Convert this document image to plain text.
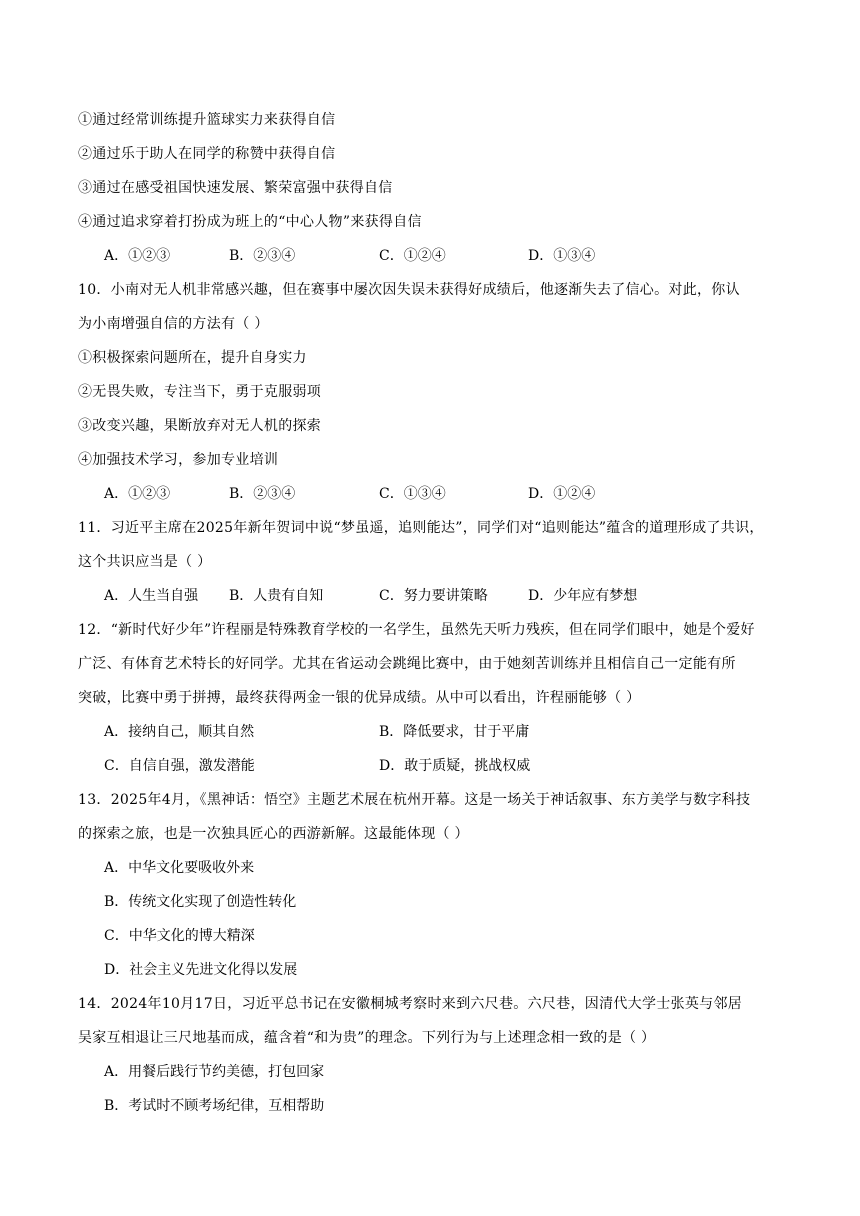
①通过经常训练提升篮球实力来获得自信
②通过乐于助人在同学的称赞中获得自信
③通过在感受祖国快速发展、繁荣富强中获得自信
④通过追求穿着打扮成为班上的“中心人物”来获得自信
A．①②③	B．②③④	C．①②④	D．①③④
10．小南对无人机非常感兴趣，但在赛事中屡次因失误未获得好成绩后，他逐渐失去了信心。对此，你认
为小南增强自信的方法有（ ）
①积极探索问题所在，提升自身实力
②无畏失败，专注当下，勇于克服弱项
③改变兴趣，果断放弃对无人机的探索
④加强技术学习，参加专业培训
A．①②③	B．②③④	C．①③④	D．①②④
11．习近平主席在2025年新年贺词中说“梦虽遥，追则能达”，同学们对“追则能达”蕴含的道理形成了共识，
这个共识应当是（ ）
A．人生当自强 B．人贵有自知	C．努力要讲策略	D．少年应有梦想
12．“新时代好少年”许程丽是特殊教育学校的一名学生，虽然先天听力残疾，但在同学们眼中，她是个爱好
广泛、有体育艺术特长的好同学。尤其在省运动会跳绳比赛中，由于她刻苦训练并且相信自己一定能有所
突破，比赛中勇于拼搏，最终获得两金一银的优异成绩。从中可以看出，许程丽能够（ ）
A．接纳自己，顺其自然	B．降低要求，甘于平庸
C．自信自强，激发潜能	D．敢于质疑，挑战权威
13．2025年4月，《黑神话：悟空》主题艺术展在杭州开幕。这是一场关于神话叙事、东方美学与数字科技
的探索之旅，也是一次独具匠心的西游新解。这最能体现（ ）
A．中华文化要吸收外来
B．传统文化实现了创造性转化
C．中华文化的博大精深
D．社会主义先进文化得以发展
14．2024年10月17日，习近平总书记在安徽桐城考察时来到六尺巷。六尺巷，因清代大学士张英与邻居
吴家互相退让三尺地基而成，蕴含着“和为贵”的理念。下列行为与上述理念相一致的是（ ）
A．用餐后践行节约美德，打包回家
B．考试时不顾考场纪律，互相帮助
